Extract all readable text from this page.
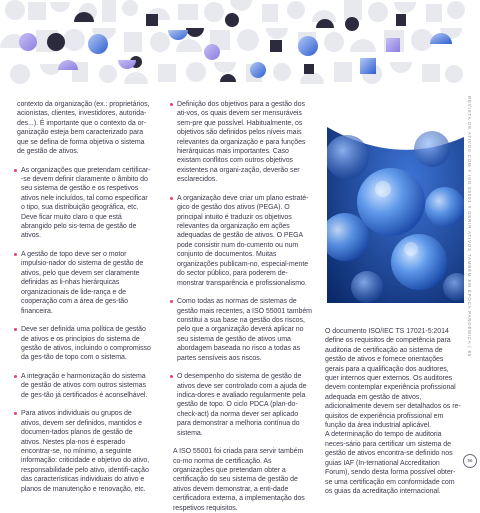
contexto da organização (ex.: proprietários, acionistas, clientes, investidores, autorida-des...). É importante que o contexto da or-ganização esteja bem caracterizado para que se defina de forma objetiva o sistema de gestão de ativos.

As organizações que pretendam certificar--se devem definir claramente o âmbito do seu sistema de gestão e os respetivos ativos nele incluídos, tal como especificar o tipo, sua distribuição geográfica, etc. Deve ficar muito claro o que está abrangido pelo sis-tema de gestão de ativos.

A gestão de topo deve ser o motor impulsio-nador do sistema de gestão de ativos, pelo que devem ser claramente definidas as li-nhas hierárquicas organizacionais de lide-rança e de cooperação com a área de ges-tão financeira.

Deve ser definida uma política de gestão de ativos e os princípios do sistema de gestão de ativos, incluindo o compromisso da ges-tão de topo com o sistema.

A integração e harmonização do sistema de gestão de ativos com outros sistemas de ges-tão já certificados é aconselhável.

Para ativos individuais ou grupos de ativos, devem ser definidos, mantidos e documen-tados planos de gestão de ativos. Nestes pla-nos é esperado encontrar-se, no mínimo, a seguinte informação: criticidade e objetivo do ativo, responsabilidade pelo ativo, identifi-cação das características individuais do ativo e planos de manutenção e renovação, etc.

Definição dos objetivos para a gestão dos ati-vos, os quais devem ser mensuráveis sem-pre que possível. Habitualmente, os objetivos são definidos pelos níveis mais relevantes da organização e para funções hierárquicas mais importantes. Caso existam conflitos com outros objetivos existentes na organi-zação, deverão ser esclarecidos.

A organização deve criar um plano estraté-gico de gestão dos ativos (PEGA). O principal intuito é traduzir os objetivos relevantes da organização em ações adequadas de gestão de ativos. O PEGA pode consistir num do-cumento ou num conjunto de documentos. Muitas organizações publicam-no, especial-mente do sector público, para poderem de-monstrar transparência e profissionalismo.

Como todas as normas de sistemas de gestão mais recentes, a ISO 55001 também constitui a sua base na gestão dos riscos, pelo que a organização deverá aplicar no seu sistema de gestão de ativos uma abordagem baseada no risco a todas as partes sensíveis aos riscos.

O desempenho do sistema de gestão de ativos deve ser controlado com a ajuda de indica-dores e avaliado regularmente pela gestão de topo. O ciclo PDCA (plan-do-check-act) da norma dever ser aplicado para demonstrar a melhoria contínua do sistema.

A ISO 55001 foi criada para servir também co-mo norma de certificação. As organizações que pretendam obter a certificação do seu sistema de gestão de ativos devem demonstrar, a enti-dade certificadora externa, a implementação dos respetivos requisitos.

O documento ISO/IEC TS 17021-5:2014 define os requisitos de competência para auditoria de certificação ao sistema de gestão de ativos e fornece orientações gerais para a qualificação dos auditores, quer internos quer externos. Os auditores devem contemplar experiência profissional adequada em gestão de ativos, adicionalmente devem ser detalhados os re-quisitos de experiência profissional em função da área industrial aplicável.

A determinação do tempo de auditoria neces-sário para certificar um sistema de gestão de ativos encontra-se definido nos guias IAF (In-ternational Accreditation Forum), sendo desta forma possível obter-se uma certificação em conformidade com os guias da acreditação internacional.

REVISTA DE ATIVOS.COM # ISO 55001 # GERIR ATIVOS TAMBÉM EM ÉPOCA PANDÉMICA | 85
96
